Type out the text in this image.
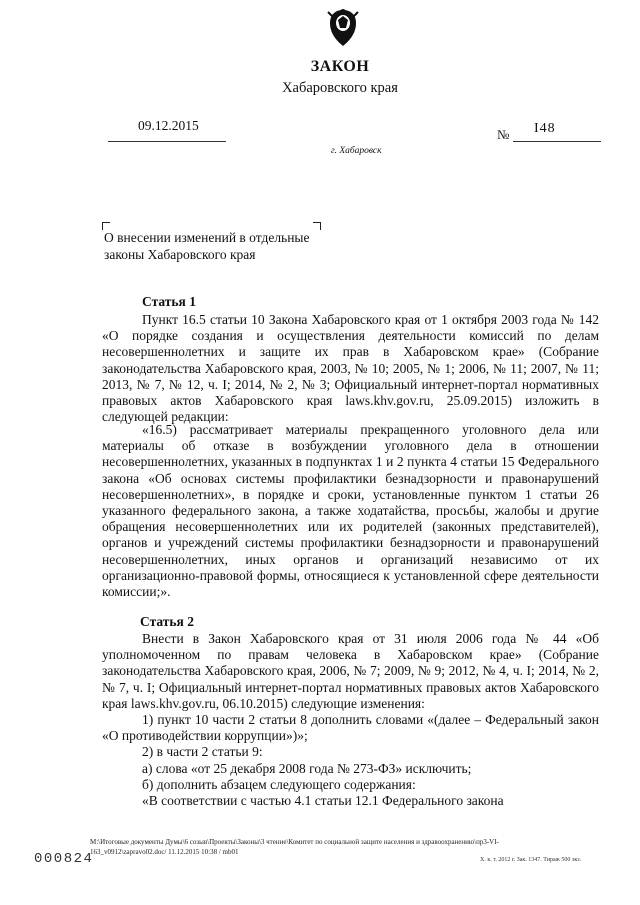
ЗАКОН
Хабаровского края
09.12.2015
№ I48
г. Хабаровск
О внесении изменений в отдельные законы Хабаровского края
Статья 1
Пункт 16.5 статьи 10 Закона Хабаровского края от 1 октября 2003 года № 142 «О порядке создания и осуществления деятельности комиссий по делам несовершеннолетних и защите их прав в Хабаровском крае» (Собрание законодательства Хабаровского края, 2003, № 10; 2005, № 1; 2006, № 11; 2007, № 11; 2013, № 7, № 12, ч. I; 2014, № 2, № 3; Официальный интернет-портал нормативных правовых актов Хабаровского края laws.khv.gov.ru, 25.09.2015) изложить в следующей редакции:
«16.5) рассматривает материалы прекращенного уголовного дела или материалы об отказе в возбуждении уголовного дела в отношении несовершеннолетних, указанных в подпунктах 1 и 2 пункта 4 статьи 15 Федерального закона «Об основах системы профилактики безнадзорности и правонарушений несовершеннолетних», в порядке и сроки, установленные пунктом 1 статьи 26 указанного федерального закона, а также ходатайства, просьбы, жалобы и другие обращения несовершеннолетних или их родителей (законных представителей), органов и учреждений системы профилактики безнадзорности и правонарушений несовершеннолетних, иных органов и организаций независимо от их организационно-правовой формы, относящиеся к установленной сфере деятельности комиссии;».
Статья 2
Внести в Закон Хабаровского края от 31 июля 2006 года № 44 «Об уполномоченном по правам человека в Хабаровском крае» (Собрание законодательства Хабаровского края, 2006, № 7; 2009, № 9; 2012, № 4, ч. I; 2014, № 2, № 7, ч. I; Официальный интернет-портал нормативных правовых актов Хабаровского края laws.khv.gov.ru, 06.10.2015) следующие изменения:
1) пункт 10 части 2 статьи 8 дополнить словами «(далее – Федеральный закон «О противодействии коррупции»)»;
2) в части 2 статьи 9:
а) слова «от 25 декабря 2008 года № 273-ФЗ» исключить;
б) дополнить абзацем следующего содержания:
«В соответствии с частью 4.1 статьи 12.1 Федерального закона
М:\Итоговые документы Думы\6 созыв\Проекты\Законы\3 чтение\Комитет по социальной защите населения и здравоохранению\пр3-VI-
163_v0912\zapravo02.doc/ 11.12.2015 10:38 / mb01
000824	Х. к. т. 2012 г. Зак. 1347. Тираж 500 экз.
